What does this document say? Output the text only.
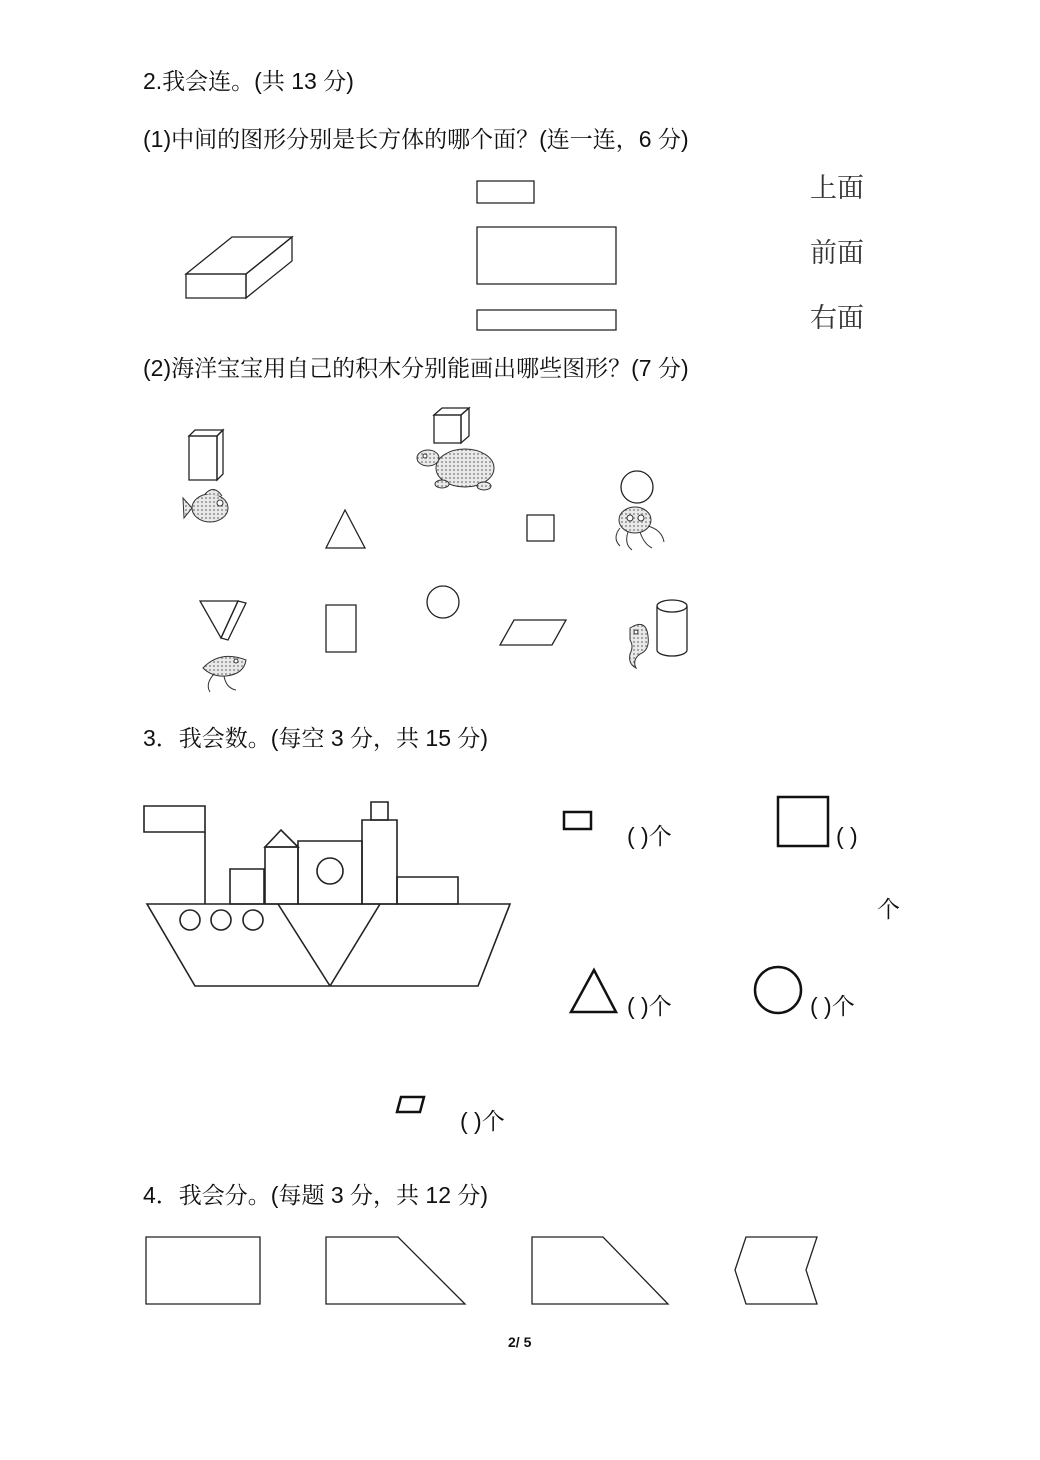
2.我会连。(共 13 分)
(1)中间的图形分别是长方体的哪个面？(连一连，6 分)
上面
前面
右面
(2)海洋宝宝用自己的积木分别能画出哪些图形？(7 分)
3．我会数。(每空 3 分，共 15 分)
( )个	( )
个
( )个	( )个
( )个
4．我会分。(每题 3 分，共 12 分)
2/ 5
